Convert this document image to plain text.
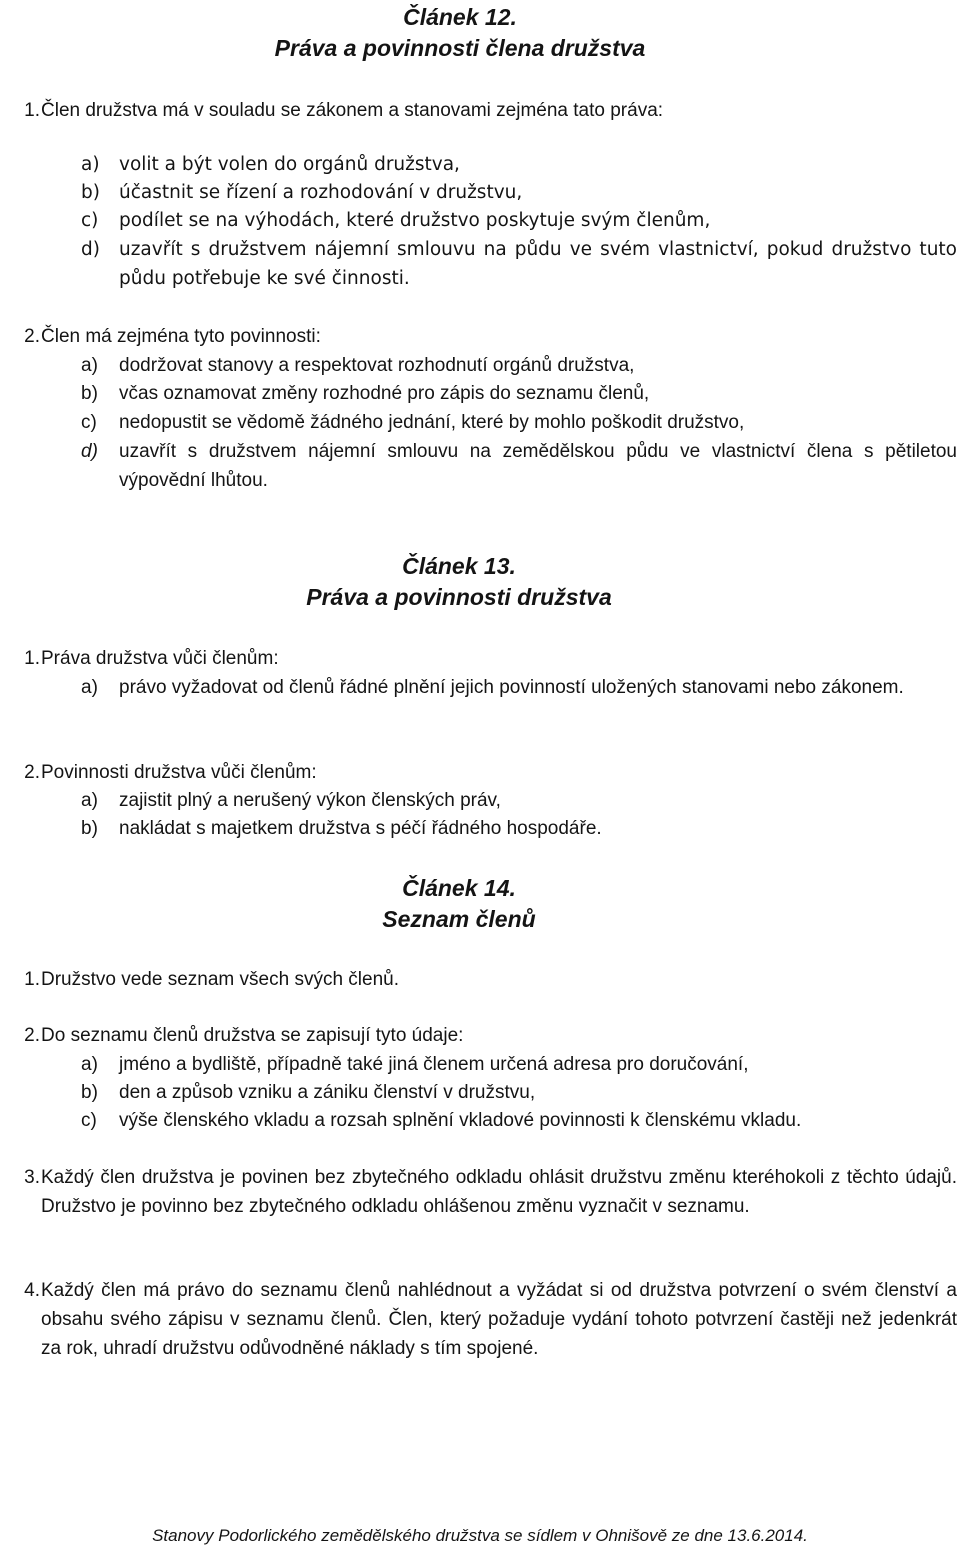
Článek 12.
Práva a povinnosti člena družstva
1. Člen družstva má v souladu se zákonem a stanovami zejména tato práva:
a) volit a být volen do orgánů družstva,
b) účastnit se řízení a rozhodování v družstvu,
c) podílet se na výhodách, které družstvo poskytuje svým členům,
d) uzavřít s družstvem nájemní smlouvu na půdu ve svém vlastnictví, pokud družstvo tuto půdu potřebuje ke své činnosti.
2. Člen má zejména tyto povinnosti:
a) dodržovat stanovy a respektovat rozhodnutí orgánů družstva,
b) včas oznamovat změny rozhodné pro zápis do seznamu členů,
c) nedopustit se vědomě žádného jednání, které by mohlo poškodit družstvo,
d) uzavřít s družstvem nájemní smlouvu na zemědělskou půdu ve vlastnictví člena s pětiletou výpovědní lhůtou.
Článek 13.
Práva a povinnosti družstva
1. Práva družstva vůči členům:
a) právo vyžadovat od členů řádné plnění jejich povinností uložených stanovami nebo zákonem.
2. Povinnosti družstva vůči členům:
a) zajistit plný a nerušený výkon členských práv,
b) nakládat s majetkem družstva s péčí řádného hospodáře.
Článek 14.
Seznam členů
1. Družstvo vede seznam všech svých členů.
2. Do seznamu členů družstva se zapisují tyto údaje:
a) jméno a bydliště, případně také jiná členem určená adresa pro doručování,
b) den a způsob vzniku a zániku členství v družstvu,
c) výše členského vkladu a rozsah splnění vkladové povinnosti k členskému vkladu.
3. Každý člen družstva je povinen bez zbytečného odkladu ohlásit družstvu změnu kteréhokoli z těchto údajů. Družstvo je povinno bez zbytečného odkladu ohlášenou změnu vyznačit v seznamu.
4. Každý člen má právo do seznamu členů nahlédnout a vyžádat si od družstva potvrzení o svém členství a obsahu svého zápisu v seznamu členů. Člen, který požaduje vydání tohoto potvrzení častěji než jedenkrát za rok, uhradí družstvu odůvodněné náklady s tím spojené.
Stanovy Podorlického zemědělského družstva se sídlem v Ohnišově ze dne 13.6.2014.
